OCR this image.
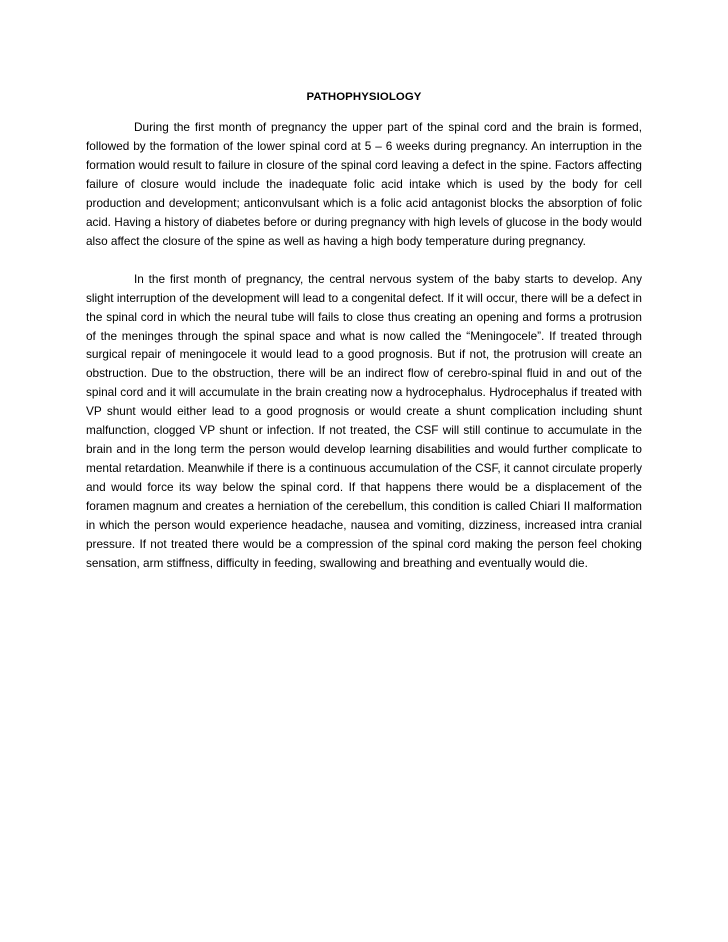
PATHOPHYSIOLOGY

During the first month of pregnancy the upper part of the spinal cord and the brain is formed, followed by the formation of the lower spinal cord at 5 – 6 weeks during pregnancy. An interruption in the formation would result to failure in closure of the spinal cord leaving a defect in the spine. Factors affecting failure of closure would include the inadequate folic acid intake which is used by the body for cell production and development; anticonvulsant which is a folic acid antagonist blocks the absorption of folic acid. Having a history of diabetes before or during pregnancy with high levels of glucose in the body would also affect the closure of the spine as well as having a high body temperature during pregnancy.

In the first month of pregnancy, the central nervous system of the baby starts to develop. Any slight interruption of the development will lead to a congenital defect. If it will occur, there will be a defect in the spinal cord in which the neural tube will fails to close thus creating an opening and forms a protrusion of the meninges through the spinal space and what is now called the “Meningocele”. If treated through surgical repair of meningocele it would lead to a good prognosis. But if not, the protrusion will create an obstruction. Due to the obstruction, there will be an indirect flow of cerebro-spinal fluid in and out of the spinal cord and it will accumulate in the brain creating now a hydrocephalus. Hydrocephalus if treated with VP shunt would either lead to a good prognosis or would create a shunt complication including shunt malfunction, clogged VP shunt or infection. If not treated, the CSF will still continue to accumulate in the brain and in the long term the person would develop learning disabilities and would further complicate to mental retardation. Meanwhile if there is a continuous accumulation of the CSF, it cannot circulate properly and would force its way below the spinal cord. If that happens there would be a displacement of the foramen magnum and creates a herniation of the cerebellum, this condition is called Chiari II malformation in which the person would experience headache, nausea and vomiting, dizziness, increased intra cranial pressure. If not treated there would be a compression of the spinal cord making the person feel choking sensation, arm stiffness, difficulty in feeding, swallowing and breathing and eventually would die.
